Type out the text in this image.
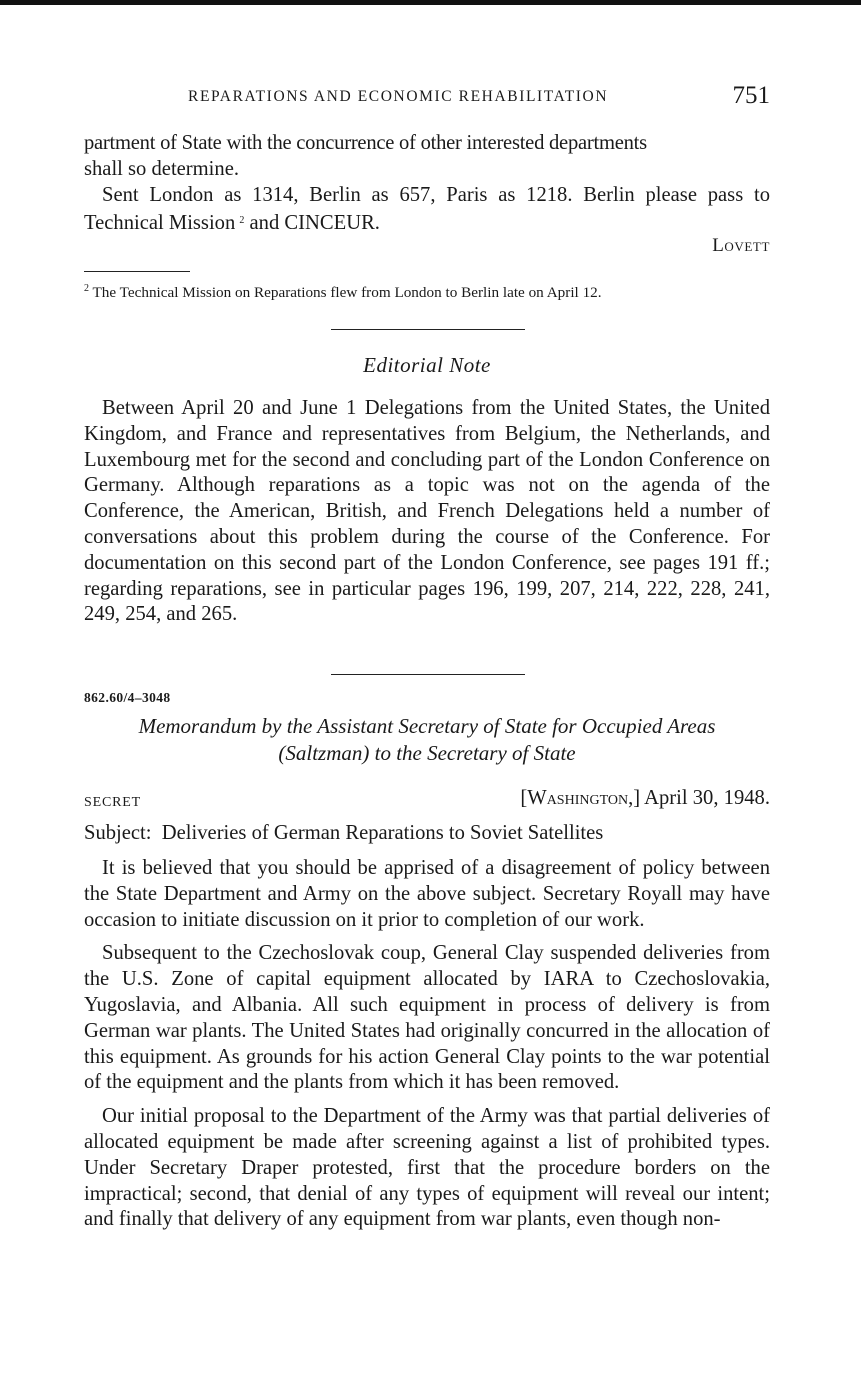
REPARATIONS AND ECONOMIC REHABILITATION	751

partment of State with the concurrence of other interested departments

shall so determine.

Sent London as 1314, Berlin as 657, Paris as 1218. Berlin please pass to Technical Mission  $^2$ and CINCEUR.

Lovett
$^2$ The Technical Mission on Reparations flew from London to Berlin late on April 12.
Editorial Note

Between April 20 and June 1 Delegations from the United States, the United Kingdom, and France and representatives from Belgium, the Netherlands, and Luxembourg met for the second and concluding part of the London Conference on Germany. Although reparations as a topic was not on the agenda of the Conference, the American, British, and French Delegations held a number of conversations about this problem during the course of the Conference. For documentation on this second part of the London Conference, see pages 191 ff.; regarding reparations, see in particular pages 196, 199, 207, 214, 222, 228, 241, 249, 254, and 265.

862.60/4–3048
Memorandum by the Assistant Secretary of State for Occupied Areas
(Saltzman) to the Secretary of State
SECRET	[Washington,] April 30, 1948.
Subject: Deliveries of German Reparations to Soviet Satellites

It is believed that you should be apprised of a disagreement of policy between the State Department and Army on the above subject. Secretary Royall may have occasion to initiate discussion on it prior to completion of our work.

Subsequent to the Czechoslovak coup, General Clay suspended deliveries from the U.S. Zone of capital equipment allocated by IARA to Czechoslovakia, Yugoslavia, and Albania. All such equipment in process of delivery is from German war plants. The United States had originally concurred in the allocation of this equipment. As grounds for his action General Clay points to the war potential of the equipment and the plants from which it has been removed.

Our initial proposal to the Department of the Army was that partial deliveries of allocated equipment be made after screening against a list of prohibited types. Under Secretary Draper protested, first that the procedure borders on the impractical; second, that denial of any types of equipment will reveal our intent; and finally that delivery of any equipment from war plants, even though non-
